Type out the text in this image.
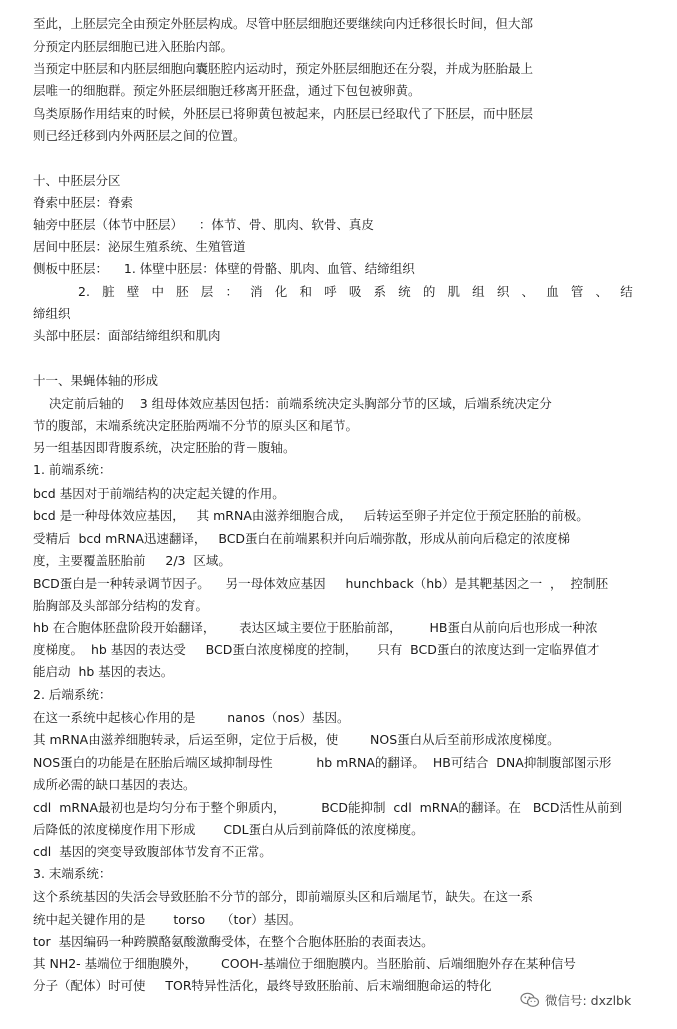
至此，上胚层完全由预定外胚层构成。尽管中胚层细胞还要继续向内迁移很长时间，但大部
分预定内胚层细胞已进入胚胎内部。
当预定中胚层和内胚层细胞向囊胚腔内运动时，预定外胚层细胞还在分裂，并成为胚胎最上
层唯一的细胞群。预定外胚层细胞迁移离开胚盘，通过下包包被卵黄。
鸟类原肠作用结束的时候，外胚层已将卵黄包被起来，内胚层已经取代了下胚层，而中胚层
则已经迁移到内外两胚层之间的位置。
十、中胚层分区
脊索中胚层：脊索
轴旁中胚层（体节中胚层）    ：体节、骨、肌肉、软骨、真皮
居间中胚层：泌尿生殖系统、生殖管道
侧板中胚层：    1. 体壁中胚层：体壁的骨骼、肌肉、血管、结缔组织
2. 脏 壁 中 胚 层 ： 消 化 和 呼 吸 系 统 的 肌 组 织 、 血 管 、 结
缔组织
头部中胚层：面部结缔组织和肌肉
十一、果蝇体轴的形成
决定前后轴的    3 组母体效应基因包括：前端系统决定头胸部分节的区域，后端系统决定分
节的腹部，末端系统决定胚胎两端不分节的原头区和尾节。
另一组基因即背腹系统，决定胚胎的背－腹轴。
1. 前端系统：
bcd 基因对于前端结构的决定起关键的作用。
bcd 是一种母体效应基因，   其 mRNA由滋养细胞合成，   后转运至卵子并定位于预定胚胎的前极。
受精后  bcd mRNA迅速翻译，   BCD蛋白在前端累积并向后端弥散，形成从前向后稳定的浓度梯
度，主要覆盖胚胎前     2/3  区域。
BCD蛋白是一种转录调节因子。    另一母体效应基因     hunchback（hb）是其靶基因之一  ，  控制胚
胎胸部及头部部分结构的发育。
hb 在合胞体胚盘阶段开始翻译，      表达区域主要位于胚胎前部，       HB蛋白从前向后也形成一种浓
度梯度。  hb 基因的表达受     BCD蛋白浓度梯度的控制，     只有  BCD蛋白的浓度达到一定临界值才
能启动  hb 基因的表达。
2. 后端系统：
在这一系统中起核心作用的是        nanos（nos）基因。
其 mRNA由滋养细胞转录，后运至卵，定位于后极，使        NOS蛋白从后至前形成浓度梯度。
NOS蛋白的功能是在胚胎后端区域抑制母性           hb mRNA的翻译。  HB可结合  DNA抑制腹部图示形
成所必需的缺口基因的表达。
cdl  mRNA最初也是均匀分布于整个卵质内，         BCD能抑制  cdl  mRNA的翻译。在   BCD活性从前到
后降低的浓度梯度作用下形成       CDL蛋白从后到前降低的浓度梯度。
cdl  基因的突变导致腹部体节发育不正常。
3. 末端系统：
这个系统基因的失活会导致胚胎不分节的部分，即前端原头区和后端尾节，缺失。在这一系
统中起关键作用的是       torso    （tor）基因。
tor  基因编码一种跨膜酪氨酸激酶受体，在整个合胞体胚胎的表面表达。
其 NH2- 基端位于细胞膜外，      COOH-基端位于细胞膜内。当胚胎前、后端细胞外存在某种信号
分子（配体）时可使     TOR特异性活化，最终导致胚胎前、后末端细胞命运的特化
微信号: dxzlbk
